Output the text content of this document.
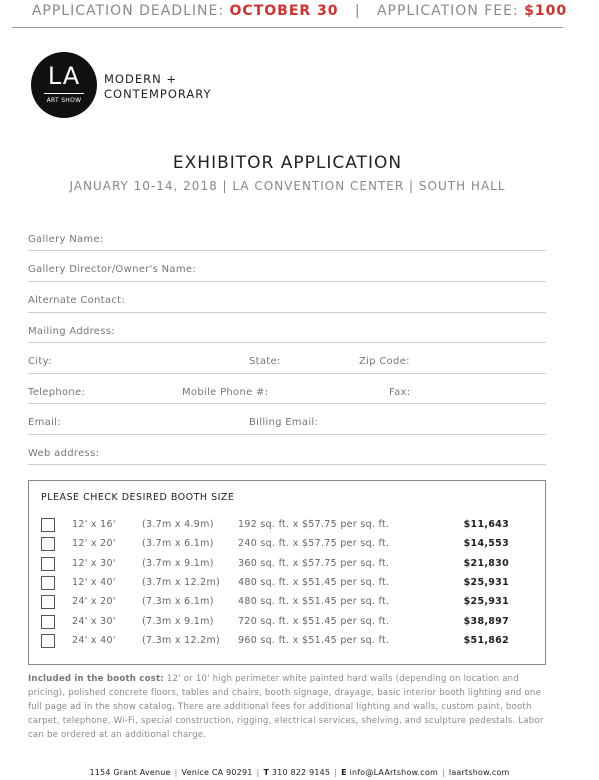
APPLICATION DEADLINE: OCTOBER 30 | APPLICATION FEE: $100
LA
ART SHOW
MODERN +
CONTEMPORARY
EXHIBITOR APPLICATION
JANUARY 10-14, 2018 | LA CONVENTION CENTER | SOUTH HALL
Gallery Name:
Gallery Director/Owner's Name:
Alternate Contact:
Mailing Address:
City:	State:	Zip Code:
Telephone:	Mobile Phone #:	Fax:
Email:	Billing Email:
Web address:
PLEASE CHECK DESIRED BOOTH SIZE
12' x 16'	(3.7m x 4.9m)	192 sq. ft. x $57.75 per sq. ft.	$11,643
12' x 20'	(3.7m x 6.1m)	240 sq. ft. x $57.75 per sq. ft.	$14,553
12' x 30'	(3.7m x 9.1m)	360 sq. ft. x $57.75 per sq. ft.	$21,830
12' x 40'	(3.7m x 12.2m) 480 sq. ft. x $51.45 per sq. ft.	$25,931
24' x 20'	(7.3m x 6.1m)	480 sq. ft. x $51.45 per sq. ft.	$25,931
24' x 30'	(7.3m x 9.1m)	720 sq. ft. x $51.45 per sq. ft.	$38,897
24' x 40'	(7.3m x 12.2m) 960 sq. ft. x $51.45 per sq. ft.	$51,862
Included in the booth cost: 12' or 10' high perimeter white painted hard walls (depending on location and pricing), polished concrete floors, tables and chairs, booth signage, drayage, basic interior booth lighting and one full page ad in the show catalog. There are additional fees for additional lighting and walls, custom paint, booth carpet, telephone, Wi-Fi, special construction, rigging, electrical services, shelving, and sculpture pedestals. Labor can be ordered at an additional charge.
1154 Grant Avenue | Venice CA 90291 | T 310 822 9145 | E info@LAArtshow.com | laartshow.com
